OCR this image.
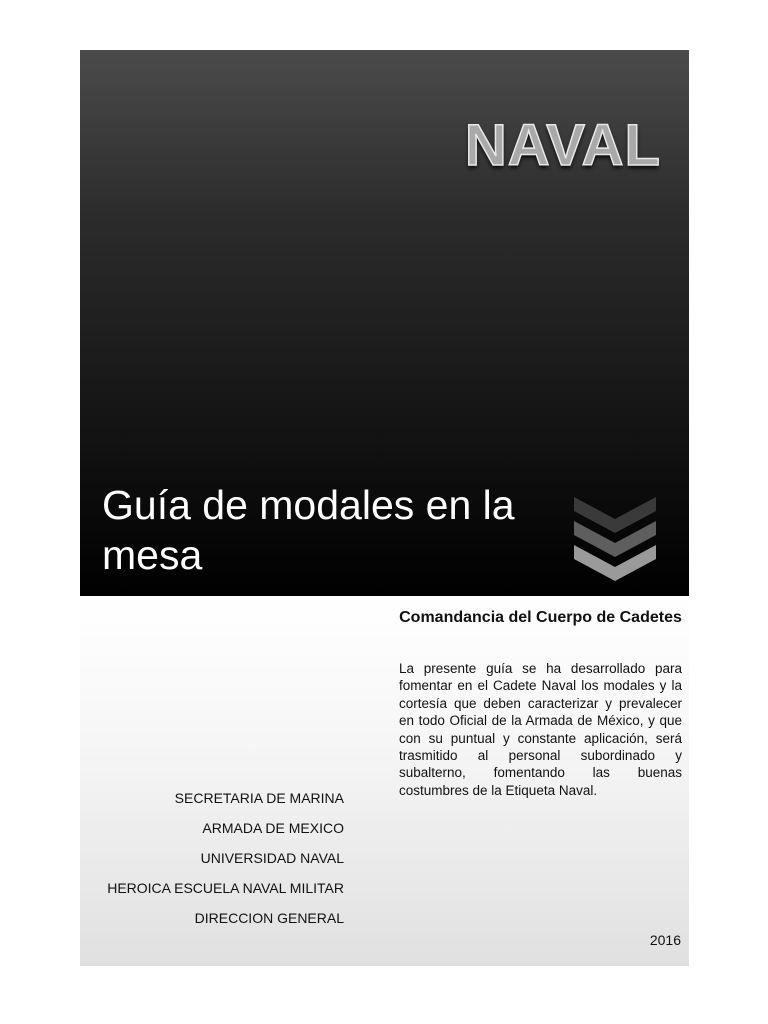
NAVAL
Guía de modales en la mesa
SECRETARIA DE MARINA
ARMADA DE MEXICO
UNIVERSIDAD NAVAL
HEROICA ESCUELA NAVAL MILITAR
DIRECCION GENERAL
Comandancia del Cuerpo de Cadetes

La presente guía se ha desarrollado para fomentar en el Cadete Naval los modales y la cortesía que deben caracterizar y prevalecer en todo Oficial de la Armada de México, y que con su puntual y constante aplicación, será trasmitido al personal subordinado y subalterno, fomentando las buenas costumbres de la Etiqueta Naval.

2016
